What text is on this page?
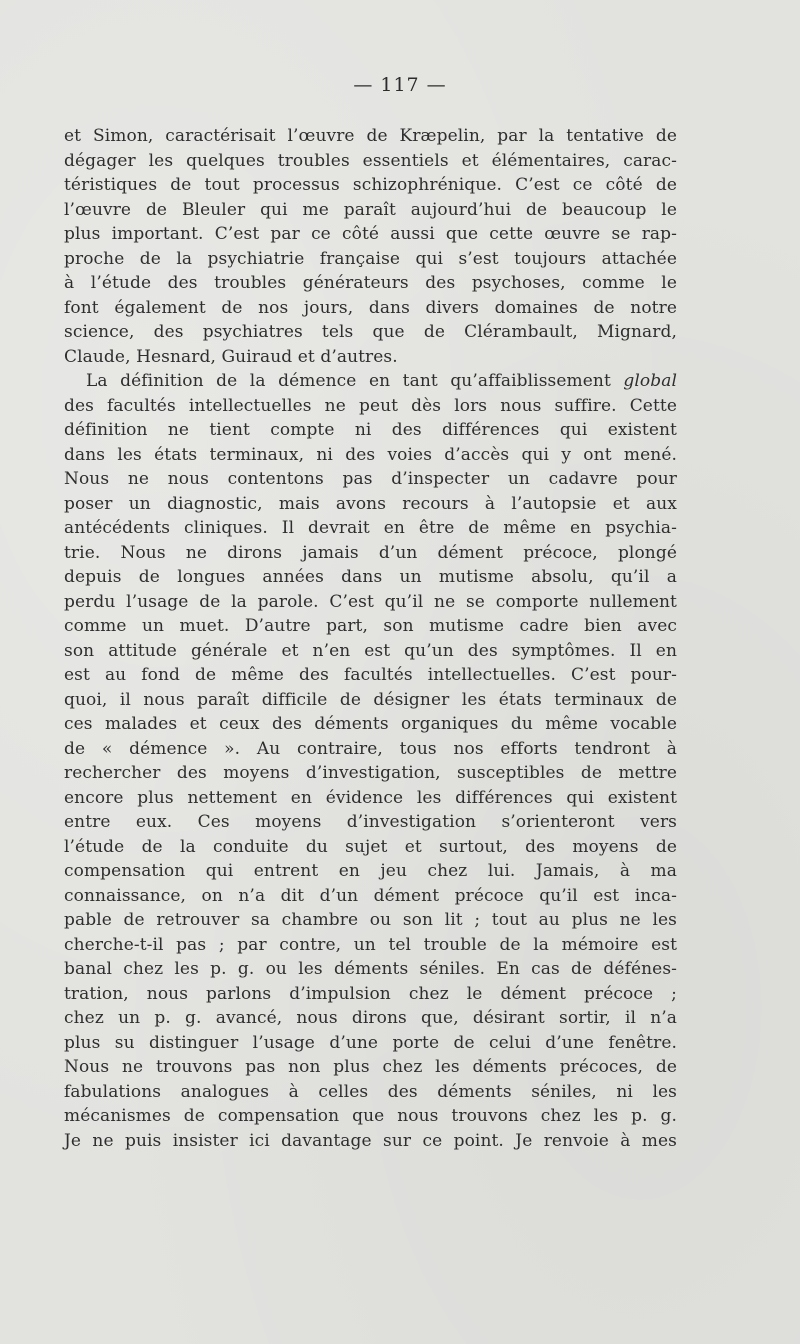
— 117 —
et Simon, caractérisait l’œuvre de Kræpelin, par la tentative de
dégager les quelques troubles essentiels et élémentaires, carac-
téristiques de tout processus schizophrénique. C’est ce côté de
l’œuvre de Bleuler qui me paraît aujourd’hui de beaucoup le
plus important. C’est par ce côté aussi que cette œuvre se rap-
proche de la psychiatrie française qui s’est toujours attachée
à l’étude des troubles générateurs des psychoses, comme le
font également de nos jours, dans divers domaines de notre
science, des psychiatres tels que de Clérambault, Mignard,
Claude, Hesnard, Guiraud et d’autres.
La définition de la démence en tant qu’affaiblissement global
des facultés intellectuelles ne peut dès lors nous suffire. Cette
définition ne tient compte ni des différences qui existent
dans les états terminaux, ni des voies d’accès qui y ont mené.
Nous ne nous contentons pas d’inspecter un cadavre pour
poser un diagnostic, mais avons recours à l’autopsie et aux
antécédents cliniques. Il devrait en être de même en psychia-
trie. Nous ne dirons jamais d’un dément précoce, plongé
depuis de longues années dans un mutisme absolu, qu’il a
perdu l’usage de la parole. C’est qu’il ne se comporte nullement
comme un muet. D’autre part, son mutisme cadre bien avec
son attitude générale et n’en est qu’un des symptômes. Il en
est au fond de même des facultés intellectuelles. C’est pour-
quoi, il nous paraît difficile de désigner les états terminaux de
ces malades et ceux des déments organiques du même vocable
de « démence ». Au contraire, tous nos efforts tendront à
rechercher des moyens d’investigation, susceptibles de mettre
encore plus nettement en évidence les différences qui existent
entre eux. Ces moyens d’investigation s’orienteront vers
l’étude de la conduite du sujet et surtout, des moyens de
compensation qui entrent en jeu chez lui. Jamais, à ma
connaissance, on n’a dit d’un dément précoce qu’il est inca-
pable de retrouver sa chambre ou son lit ; tout au plus ne les
cherche-t-il pas ; par contre, un tel trouble de la mémoire est
banal chez les p. g. ou les déments séniles. En cas de défénes-
tration, nous parlons d’impulsion chez le dément précoce ;
chez un p. g. avancé, nous dirons que, désirant sortir, il n’a
plus su distinguer l’usage d’une porte de celui d’une fenêtre.
Nous ne trouvons pas non plus chez les déments précoces, de
fabulations analogues à celles des déments séniles, ni les
mécanismes de compensation que nous trouvons chez les p. g.
Je ne puis insister ici davantage sur ce point. Je renvoie à mes
